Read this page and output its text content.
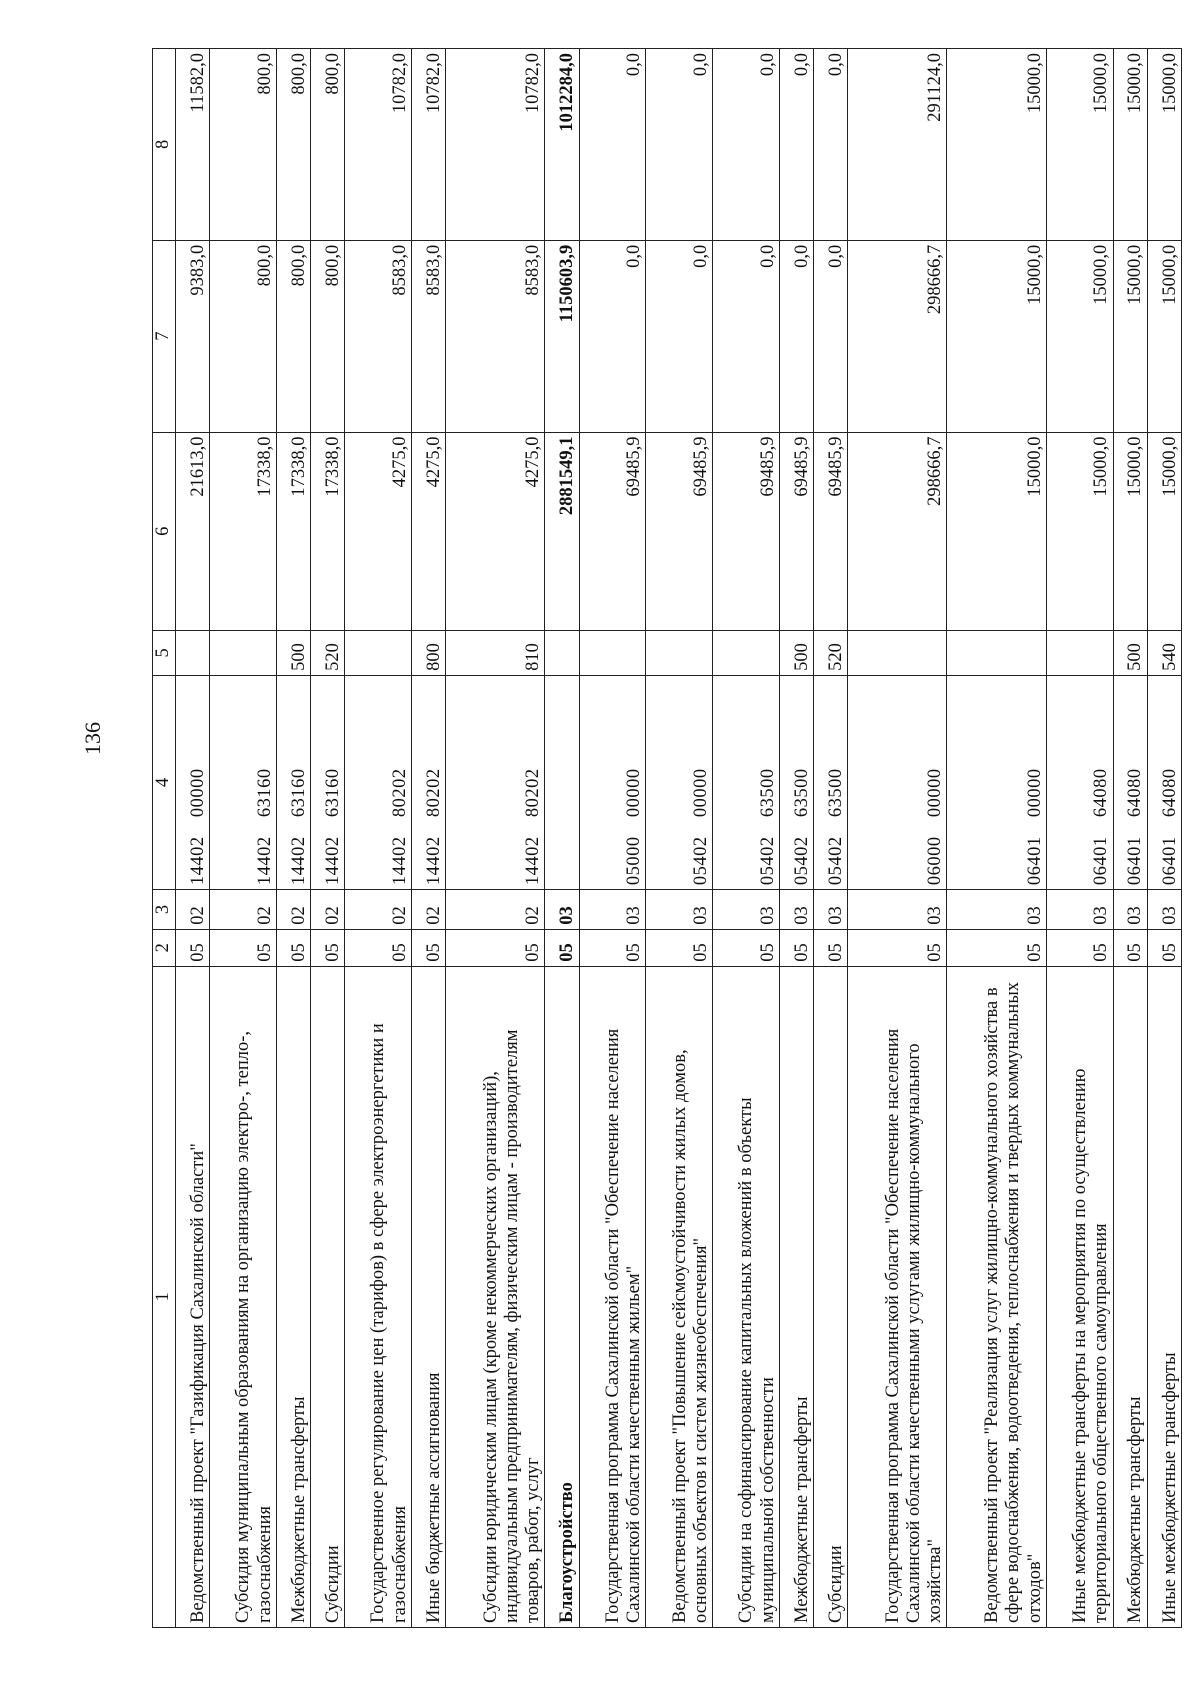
136
1	2	3	4	5	6	7	8
Ведомственный проект "Газификация Сахалинской области"	05	02	1440200000		21613,0	9383,0	11582,0
Субсидия муниципальным образованиям на организацию электро-, тепло-, газоснабжения	05	02	1440263160		17338,0	800,0	800,0
Межбюджетные трансферты	05	02	1440263160	500	17338,0	800,0	800,0
Субсидии	05	02	1440263160	520	17338,0	800,0	800,0
Государственное регулирование цен (тарифов) в сфере электроэнергетики и газоснабжения	05	02	1440280202		4275,0	8583,0	10782,0
Иные бюджетные ассигнования	05	02	1440280202	800	4275,0	8583,0	10782,0
Субсидии юридическим лицам (кроме некоммерческих организаций), индивидуальным предпринимателям, физическим лицам - производителям товаров, работ, услуг	05	02	1440280202	810	4275,0	8583,0	10782,0
Благоустройство	05	03			2881549,1	1150603,9	1012284,0
Государственная программа Сахалинской области "Обеспечение населения Сахалинской области качественным жильем"	05	03	0500000000		69485,9	0,0	0,0
Ведомственный проект "Повышение сейсмоустойчивости жилых домов, основных объектов и систем жизнеобеспечения"	05	03	0540200000		69485,9	0,0	0,0
Субсидии на софинансирование капитальных вложений в объекты муниципальной собственности	05	03	0540263500		69485,9	0,0	0,0
Межбюджетные трансферты	05	03	0540263500	500	69485,9	0,0	0,0
Субсидии	05	03	0540263500	520	69485,9	0,0	0,0
Государственная программа Сахалинской области "Обеспечение населения Сахалинской области качественными услугами жилищно-коммунального хозяйства"	05	03	0600000000		298666,7	298666,7	291124,0
Ведомственный проект "Реализация услуг жилищно-коммунального хозяйства в сфере водоснабжения, водоотведения, теплоснабжения и твердых коммунальных отходов"	05	03	0640100000		15000,0	15000,0	15000,0
Иные межбюджетные трансферты на мероприятия по осуществлению территориального общественного самоуправления	05	03	0640164080		15000,0	15000,0	15000,0
Межбюджетные трансферты	05	03	0640164080	500	15000,0	15000,0	15000,0
Иные межбюджетные трансферты	05	03	0640164080	540	15000,0	15000,0	15000,0
